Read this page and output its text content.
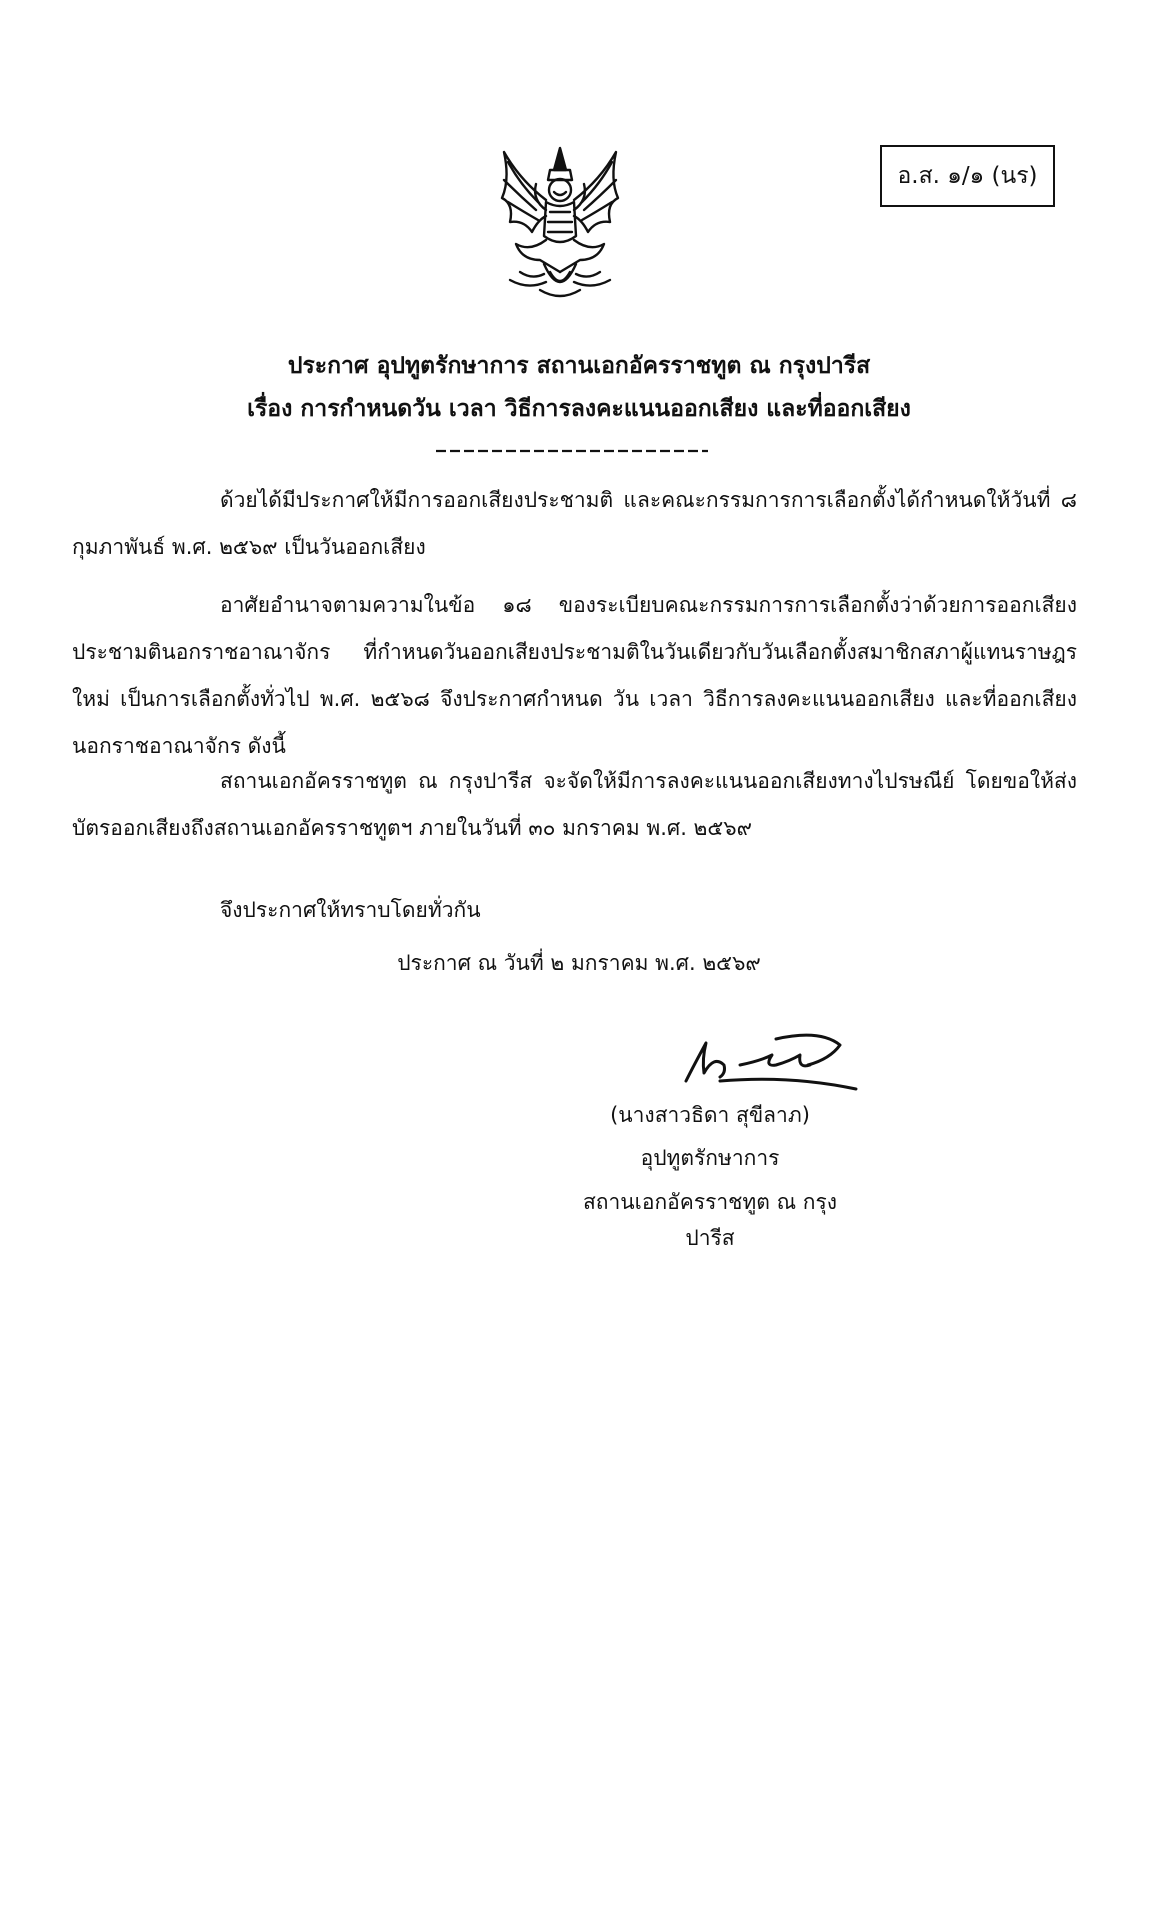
อ.ส. ๑/๑ (นร)
ประกาศ อุปทูตรักษาการ สถานเอกอัครราชทูต ณ กรุงปารีส
เรื่อง การกำหนดวัน เวลา วิธีการลงคะแนนออกเสียง และที่ออกเสียง

ด้วยได้มีประกาศให้มีการออกเสียงประชามติ และคณะกรรมการการเลือกตั้งได้กำหนดให้วันที่ ๘ กุมภาพันธ์ พ.ศ. ๒๕๖๙ เป็นวันออกเสียง

อาศัยอำนาจตามความในข้อ ๑๘ ของระเบียบคณะกรรมการการเลือกตั้งว่าด้วยการออกเสียงประชามตินอกราชอาณาจักร ที่กำหนดวันออกเสียงประชามติในวันเดียวกับวันเลือกตั้งสมาชิกสภาผู้แทนราษฎรใหม่ เป็นการเลือกตั้งทั่วไป พ.ศ. ๒๕๖๘ จึงประกาศกำหนด วัน เวลา วิธีการลงคะแนนออกเสียง และที่ออกเสียงนอกราชอาณาจักร ดังนี้

สถานเอกอัครราชทูต ณ กรุงปารีส จะจัดให้มีการลงคะแนนออกเสียงทางไปรษณีย์ โดยขอให้ส่งบัตรออกเสียงถึงสถานเอกอัครราชทูตฯ ภายในวันที่ ๓๐ มกราคม พ.ศ. ๒๕๖๙

จึงประกาศให้ทราบโดยทั่วกัน

ประกาศ ณ วันที่ ๒ มกราคม พ.ศ. ๒๕๖๙
(นางสาวธิดา สุขีลาภ)
อุปทูตรักษาการ
สถานเอกอัครราชทูต ณ กรุงปารีส
